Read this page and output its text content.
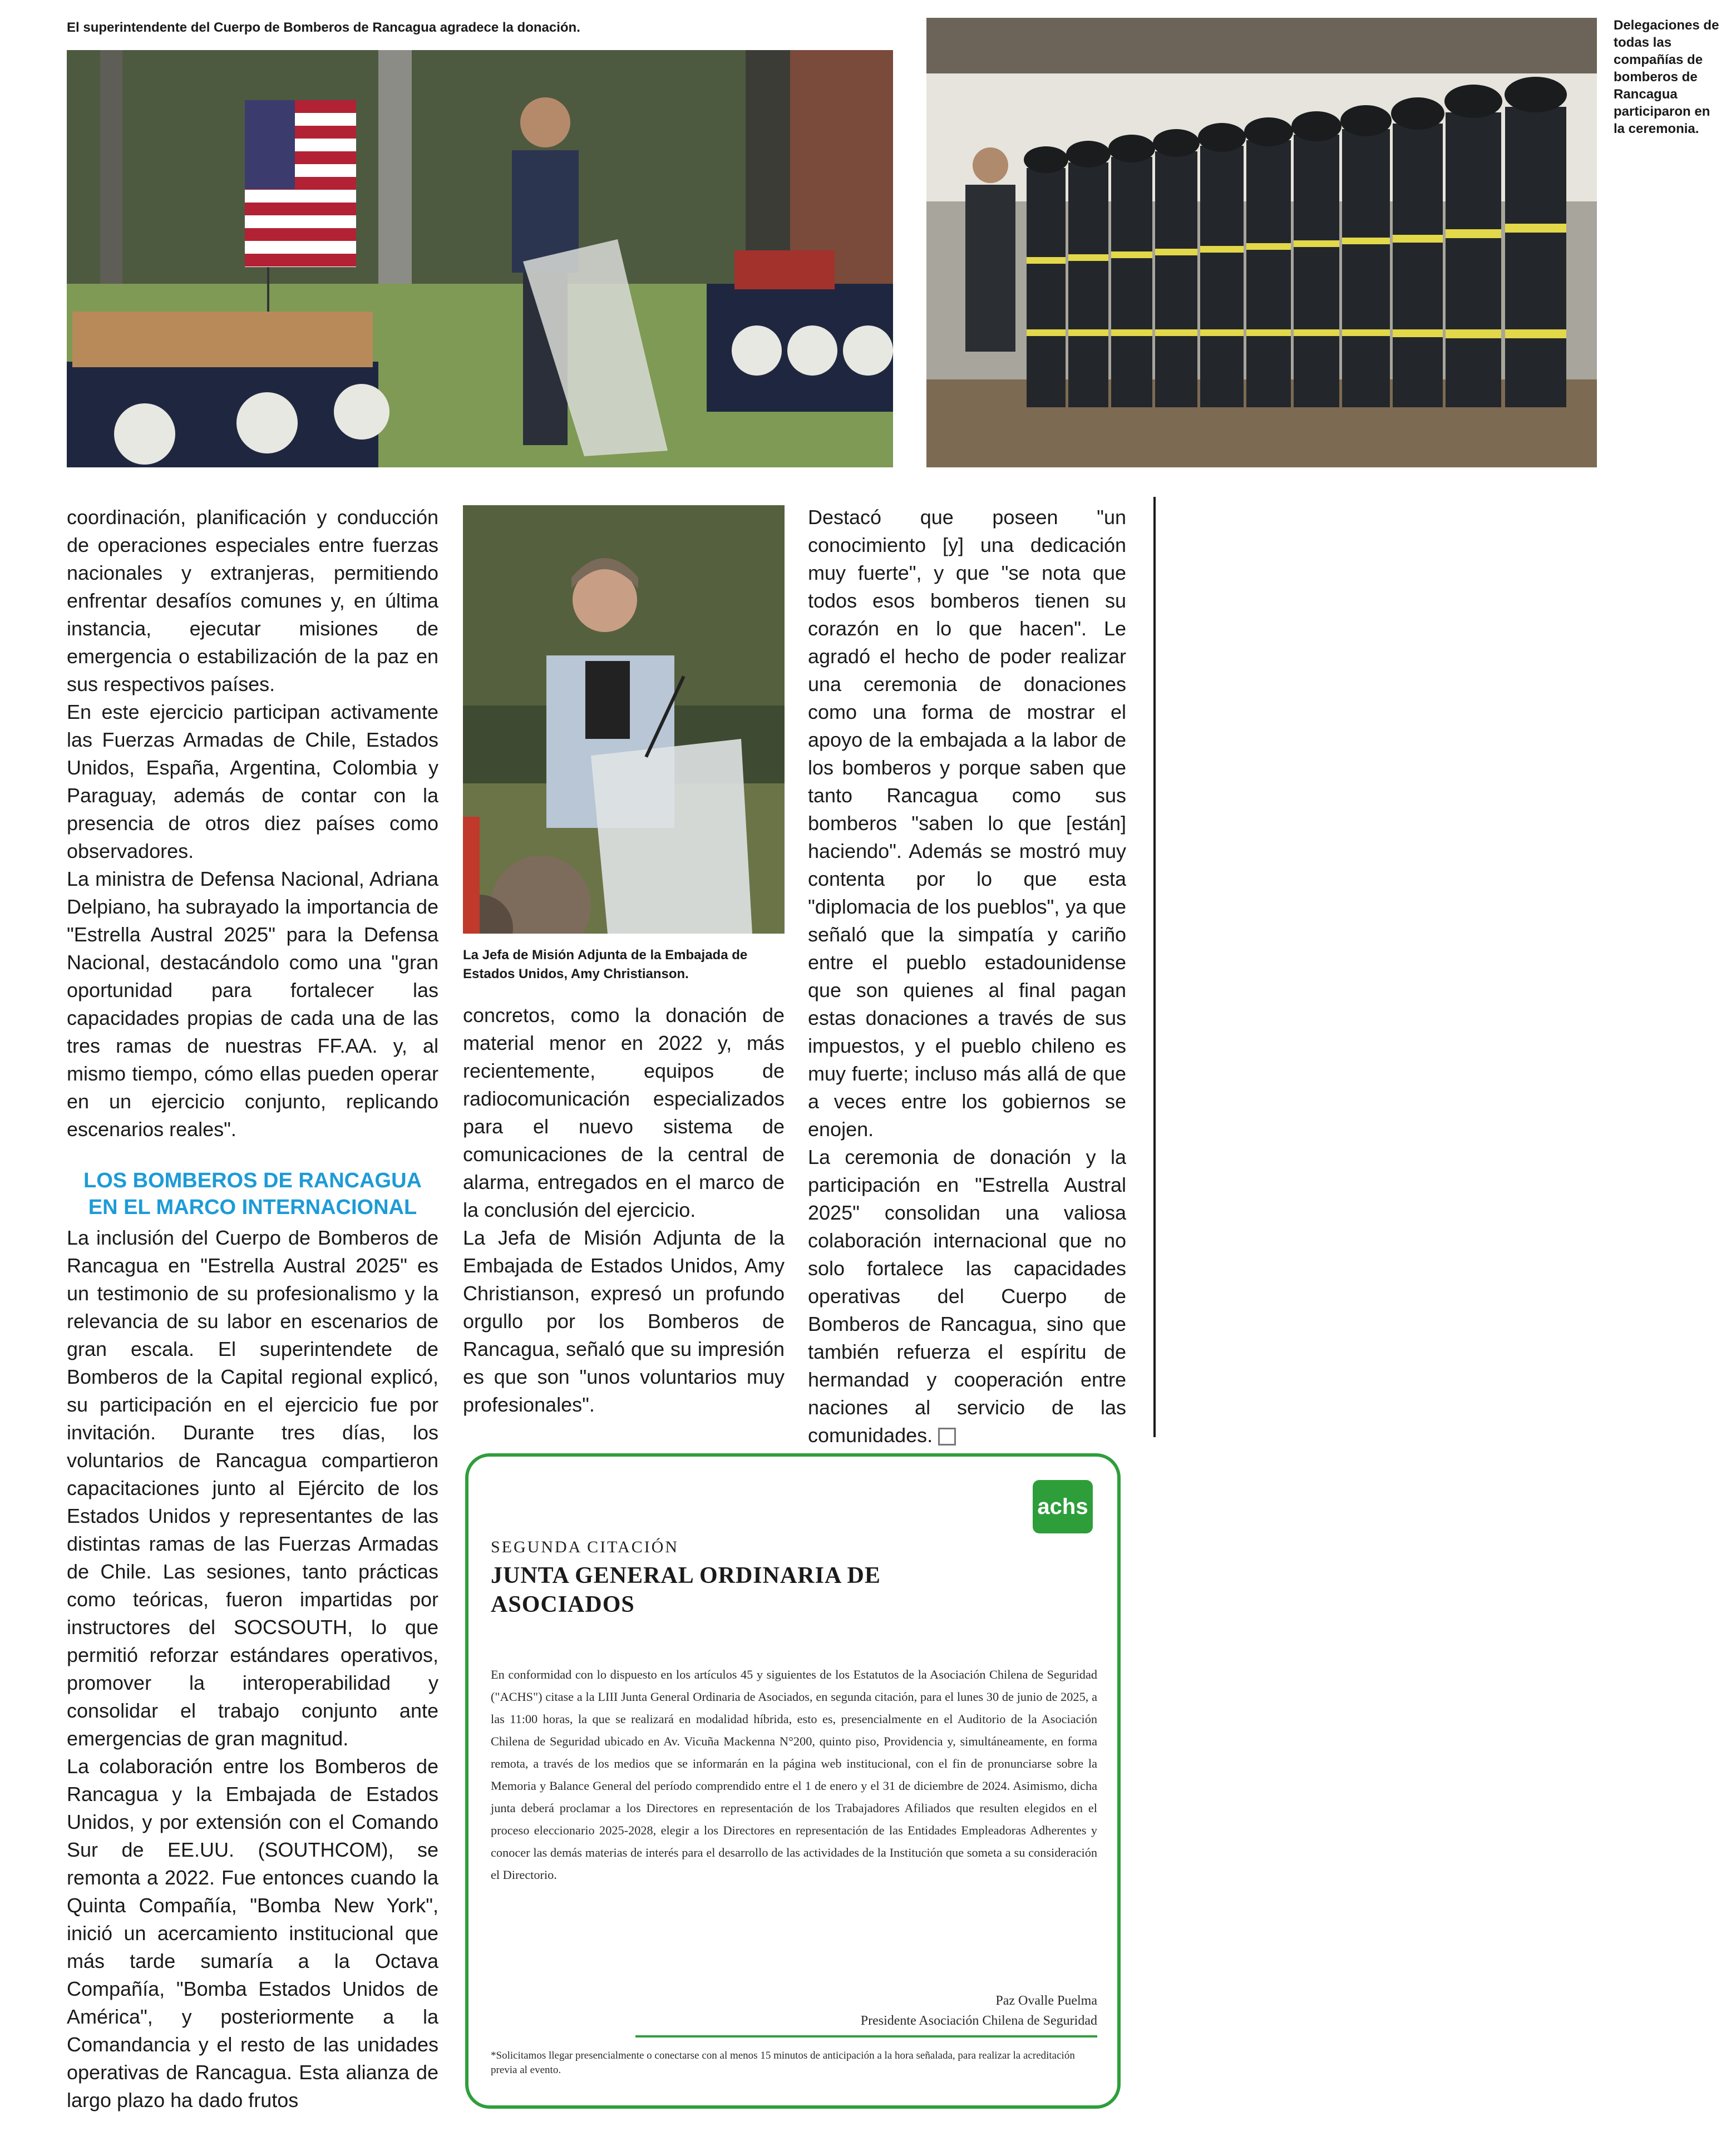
El superintendente del Cuerpo de Bomberos de Rancagua agradece la donación.	Delegaciones de todas las compañías de bomberos de Rancagua participaron en la ceremonia.

coordinación, planificación y conducción de operaciones especiales entre fuerzas nacionales y extranjeras, permitiendo enfrentar desafíos comunes y, en última instancia, ejecutar misiones de emergencia o estabilización de la paz en sus respectivos países.

En este ejercicio participan activamente las Fuerzas Armadas de Chile, Estados Unidos, España, Argentina, Colombia y Paraguay, además de contar con la presencia de otros diez países como observadores.

La ministra de Defensa Nacional, Adriana Delpiano, ha subrayado la importancia de "Estrella Austral 2025" para la Defensa Nacional, destacándolo como una "gran oportunidad para fortalecer las capacidades propias de cada una de las tres ramas de nuestras FF.AA. y, al mismo tiempo, cómo ellas pueden operar en un ejercicio conjunto, replicando escenarios reales".

LOS BOMBEROS DE RANCAGUA EN EL MARCO INTERNACIONAL

La inclusión del Cuerpo de Bomberos de Rancagua en "Estrella Austral 2025" es un testimonio de su profesionalismo y la relevancia de su labor en escenarios de gran escala. El superintendete de Bomberos de la Capital regional explicó, su participación en el ejercicio fue por invitación. Durante tres días, los voluntarios de Rancagua compartieron capacitaciones junto al Ejército de los Estados Unidos y representantes de las distintas ramas de las Fuerzas Armadas de Chile. Las sesiones, tanto prácticas como teóricas, fueron impartidas por instructores del SOCSOUTH, lo que permitió reforzar estándares operativos, promover la interoperabilidad y consolidar el trabajo conjunto ante emergencias de gran magnitud.

La colaboración entre los Bomberos de Rancagua y la Embajada de Estados Unidos, y por extensión con el Comando Sur de EE.UU. (SOUTHCOM), se remonta a 2022. Fue entonces cuando la Quinta Compañía, "Bomba New York", inició un acercamiento institucional que más tarde sumaría a la Octava Compañía, "Bomba Estados Unidos de América", y posteriormente a la Comandancia y el resto de las unidades operativas de Rancagua. Esta alianza de largo plazo ha dado frutos

La Jefa de Misión Adjunta de la Embajada de Estados Unidos, Amy Christianson.

concretos, como la donación de material menor en 2022 y, más recientemente, equipos de radiocomunicación especializados para el nuevo sistema de comunicaciones de la central de alarma, entregados en el marco de la conclusión del ejercicio.

La Jefa de Misión Adjunta de la Embajada de Estados Unidos, Amy Christianson, expresó un profundo orgullo por los Bomberos de Rancagua, señaló que su impresión es que son "unos voluntarios muy profesionales".

Destacó que poseen "un conocimiento [y] una dedicación muy fuerte", y que "se nota que todos esos bomberos tienen su corazón en lo que hacen". Le agradó el hecho de poder realizar una ceremonia de donaciones como una forma de mostrar el apoyo de la embajada a la labor de los bomberos y porque saben que tanto Rancagua como sus bomberos "saben lo que [están] haciendo". Además se mostró muy contenta por lo que esta "diplomacia de los pueblos", ya que señaló que la simpatía y cariño entre el pueblo estadounidense que son quienes al final pagan estas donaciones a través de sus impuestos, y el pueblo chileno es muy fuerte; incluso más allá de que a veces entre los gobiernos se enojen.

La ceremonia de donación y la participación en "Estrella Austral 2025" consolidan una valiosa colaboración internacional que no solo fortalece las capacidades operativas del Cuerpo de Bomberos de Rancagua, sino que también refuerza el espíritu de hermandad y cooperación entre naciones al servicio de las comunidades.

achs
SEGUNDA CITACIÓN
JUNTA GENERAL ORDINARIA DE ASOCIADOS
En conformidad con lo dispuesto en los artículos 45 y siguientes de los Estatutos de la Asociación Chilena de Seguridad ("ACHS") citase a la LIII Junta General Ordinaria de Asociados, en segunda citación, para el lunes 30 de junio de 2025, a las 11:00 horas, la que se realizará en modalidad híbrida, esto es, presencialmente en el Auditorio de la Asociación Chilena de Seguridad ubicado en Av. Vicuña Mackenna N°200, quinto piso, Providencia y, simultáneamente, en forma remota, a través de los medios que se informarán en la página web institucional, con el fin de pronunciarse sobre la Memoria y Balance General del período comprendido entre el 1 de enero y el 31 de diciembre de 2024. Asimismo, dicha junta deberá proclamar a los Directores en representación de los Trabajadores Afiliados que resulten elegidos en el proceso eleccionario 2025-2028, elegir a los Directores en representación de las Entidades Empleadoras Adherentes y conocer las demás materias de interés para el desarrollo de las actividades de la Institución que someta a su consideración el Directorio.
Paz Ovalle Puelma
Presidente Asociación Chilena de Seguridad
*Solicitamos llegar presencialmente o conectarse con al menos 15 minutos de anticipación a la hora señalada, para realizar la acreditación previa al evento.
